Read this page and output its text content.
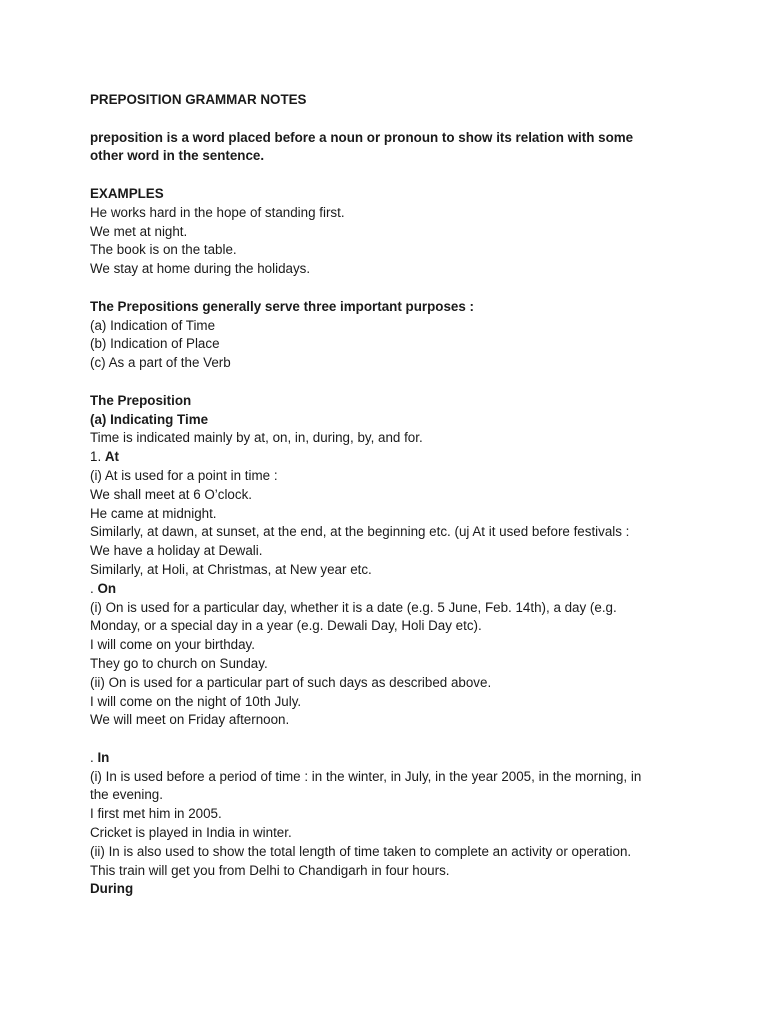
PREPOSITION GRAMMAR NOTES
preposition is a word placed before a noun or pronoun to show its relation with some
other word in the sentence.
EXAMPLES
He works hard in the hope of standing first.
We met at night.
The book is on the table.
We stay at home during the holidays.
The Prepositions generally serve three important purposes :
(a) Indication of Time
(b) Indication of Place
(c) As a part of the Verb
The Preposition
(a) Indicating Time
Time is indicated mainly by at, on, in, during, by, and for.
1. At
(i) At is used for a point in time :
We shall meet at 6 O’clock.
He came at midnight.
Similarly, at dawn, at sunset, at the end, at the beginning etc. (uj At it used before festivals :
We have a holiday at Dewali.
Similarly, at Holi, at Christmas, at New year etc.
. On
(i) On is used for a particular day, whether it is a date (e.g. 5 June, Feb. 14th), a day (e.g.
Monday, or a special day in a year (e.g. Dewali Day, Holi Day etc).
I will come on your birthday.
They go to church on Sunday.
(ii) On is used for a particular part of such days as described above.
I will come on the night of 10th July.
We will meet on Friday afternoon.
. In
(i) In is used before a period of time : in the winter, in July, in the year 2005, in the morning, in
the evening.
I first met him in 2005.
Cricket is played in India in winter.
(ii) In is also used to show the total length of time taken to complete an activity or operation.
This train will get you from Delhi to Chandigarh in four hours.
During
